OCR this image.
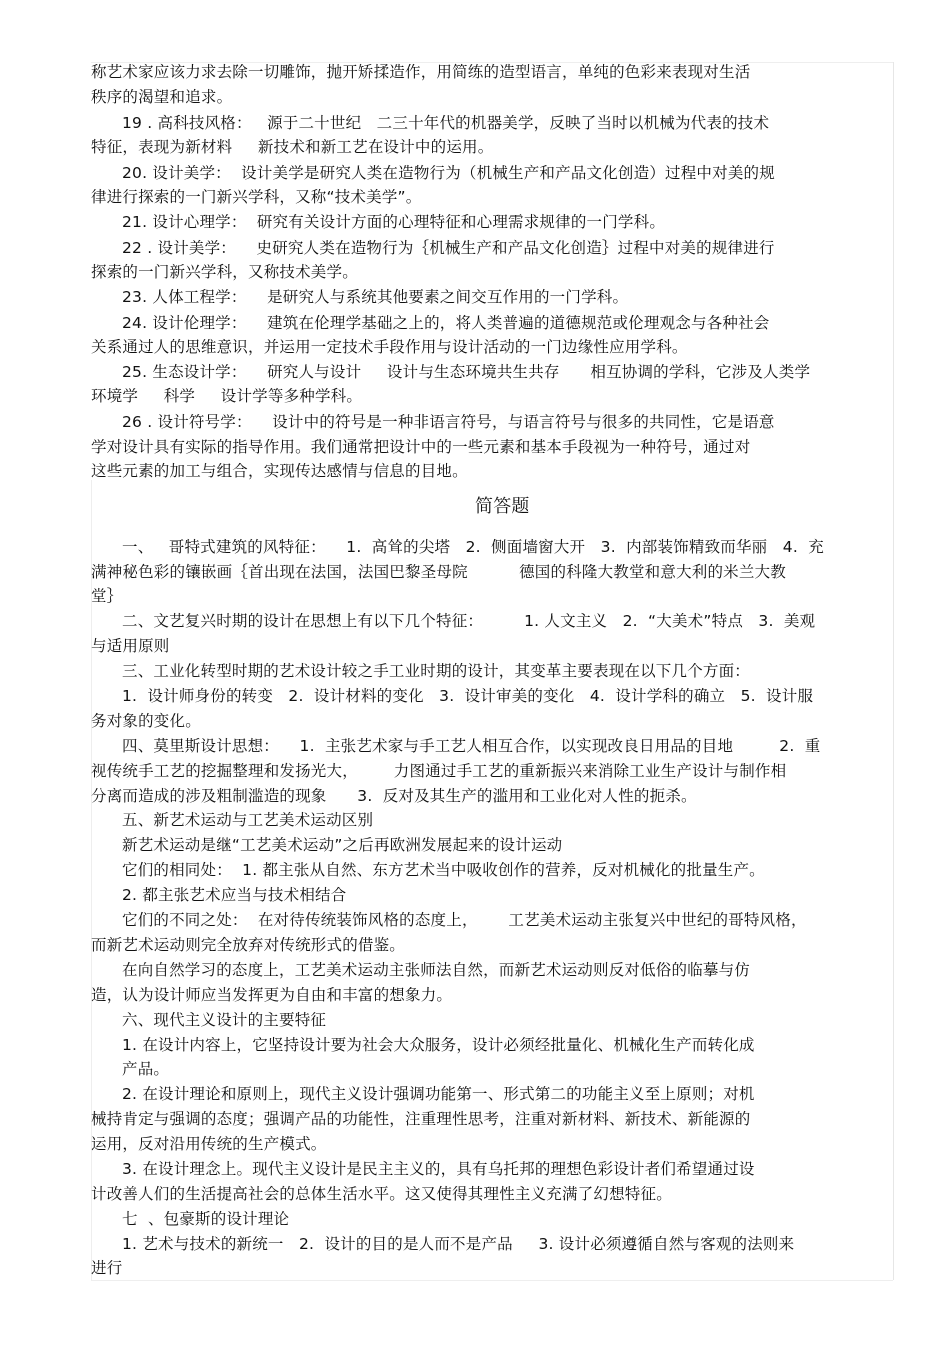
称艺术家应该力求去除一切雕饰，抛开矫揉造作，用简练的造型语言，单纯的色彩来表现对生活
秩序的渴望和追求。
19 . 高科技风格：   源于二十世纪   二三十年代的机器美学，反映了当时以机械为代表的技术
特征，表现为新材料     新技术和新工艺在设计中的运用。
20. 设计美学：  设计美学是研究人类在造物行为（机械生产和产品文化创造）过程中对美的规
律进行探索的一门新兴学科，又称“技术美学”。
21. 设计心理学：  研究有关设计方面的心理特征和心理需求规律的一门学科。
22 . 设计美学：    史研究人类在造物行为｛机械生产和产品文化创造｝过程中对美的规律进行
探索的一门新兴学科，又称技术美学。
23. 人体工程学：    是研究人与系统其他要素之间交互作用的一门学科。
24. 设计伦理学：    建筑在伦理学基础之上的，将人类普遍的道德规范或伦理观念与各种社会
关系通过人的思维意识，并运用一定技术手段作用与设计活动的一门边缘性应用学科。
25. 生态设计学：    研究人与设计     设计与生态环境共生共存      相互协调的学科，它涉及人类学
环境学     科学     设计学等多种学科。
26 . 设计符号学：    设计中的符号是一种非语言符号，与语言符号与很多的共同性，它是语意
学对设计具有实际的指导作用。我们通常把设计中的一些元素和基本手段视为一种符号，通过对
这些元素的加工与组合，实现传达感情与信息的目地。
简答题
一、   哥特式建筑的风特征：    1.  高耸的尖塔   2.  侧面墙窗大开   3.  内部装饰精致而华丽   4.  充
满神秘色彩的镶嵌画｛首出现在法国，法国巴黎圣母院          德国的科隆大教堂和意大利的米兰大教
堂｝
二、文艺复兴时期的设计在思想上有以下几个特征：        1. 人文主义   2.  “大美术”特点   3.  美观
与适用原则
三、工业化转型时期的艺术设计较之手工业时期的设计，其变革主要表现在以下几个方面：
1.  设计师身份的转变   2.  设计材料的变化   3.  设计审美的变化   4.  设计学科的确立   5.  设计服
务对象的变化。
四、莫里斯设计思想：    1.  主张艺术家与手工艺人相互合作，以实现改良日用品的目地         2.  重
视传统手工艺的挖掘整理和发扬光大，       力图通过手工艺的重新振兴来消除工业生产设计与制作相
分离而造成的涉及粗制滥造的现象      3.  反对及其生产的滥用和工业化对人性的扼杀。
五、新艺术运动与工艺美术运动区别
新艺术运动是继“工艺美术运动”之后再欧洲发展起来的设计运动
它们的相同处：  1. 都主张从自然、东方艺术当中吸收创作的营养，反对机械化的批量生产。
2. 都主张艺术应当与技术相结合
它们的不同之处：  在对待传统装饰风格的态度上，      工艺美术运动主张复兴中世纪的哥特风格，
而新艺术运动则完全放弃对传统形式的借鉴。
在向自然学习的态度上，工艺美术运动主张师法自然，而新艺术运动则反对低俗的临摹与仿
造，认为设计师应当发挥更为自由和丰富的想象力。
六、现代主义设计的主要特征
1. 在设计内容上，它坚持设计要为社会大众服务，设计必须经批量化、机械化生产而转化成
产品。
2. 在设计理论和原则上，现代主义设计强调功能第一、形式第二的功能主义至上原则；对机
械持肯定与强调的态度；强调产品的功能性，注重理性思考，注重对新材料、新技术、新能源的
运用，反对沿用传统的生产模式。
3. 在设计理念上。现代主义设计是民主主义的，具有乌托邦的理想色彩设计者们希望通过设
计改善人们的生活提高社会的总体生活水平。这又使得其理性主义充满了幻想特征。
七  、包豪斯的设计理论
1. 艺术与技术的新统一   2.  设计的目的是人而不是产品     3. 设计必须遵循自然与客观的法则来
进行
